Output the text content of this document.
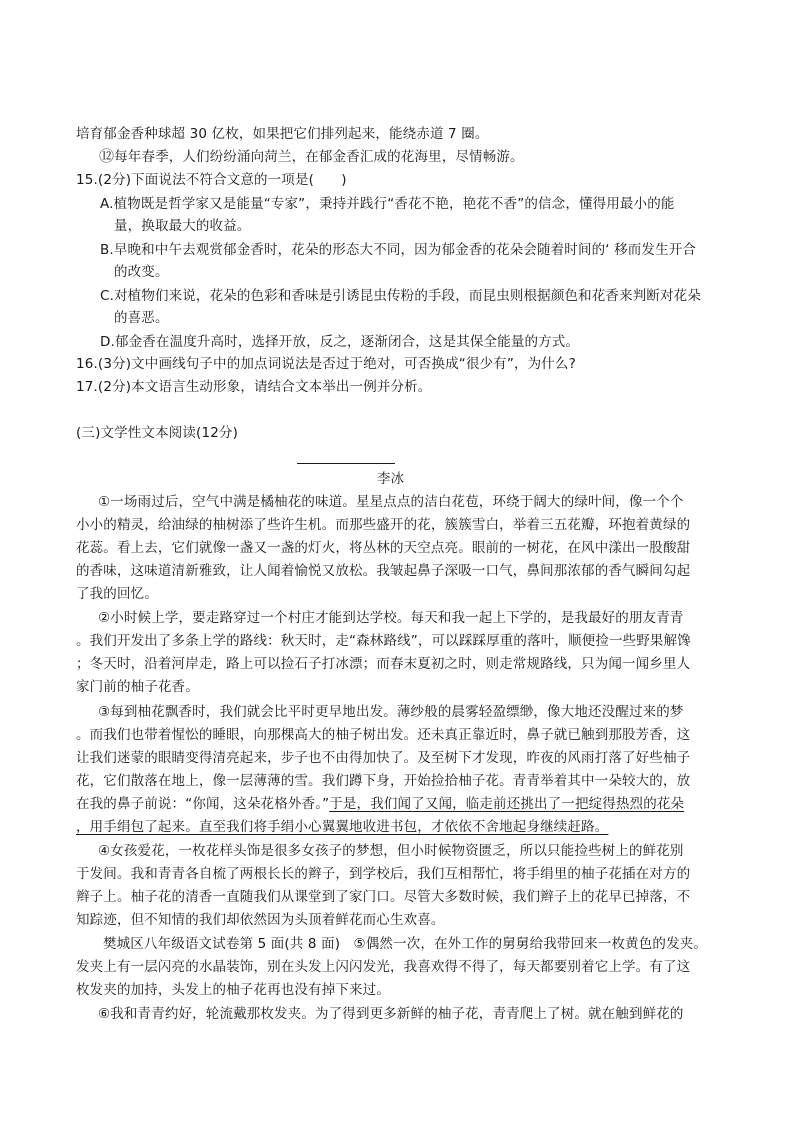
培育郁金香种球超 30 亿枚，如果把它们排列起来，能绕赤道 7 圈。
⑫每年春季，人们纷纷涌向菏兰，在郁金香汇成的花海里，尽情畅游。
15.(2分)下面说法不符合文意的一项是(　　)
A.植物既是哲学家又是能量“专家”，秉持并践行“香花不艳，艳花不香”的信念，懂得用最小的能
量，换取最大的收益。
B.早晚和中午去观赏郁金香时，花朵的形态大不同，因为郁金香的花朵会随着时间的‘ 移而发生开合
的改变。
C.对植物们来说，花朵的色彩和香味是引诱昆虫传粉的手段，而昆虫则根据颜色和花香来判断对花朵
的喜恶。
D.郁金香在温度升高时，选择开放，反之，逐渐闭合，这是其保全能量的方式。
16.(3分)文中画线句子中的加点词说法是否过于绝对，可否换成“很少有”，为什么?
17.(2分)本文语言生动形象，请结合文本举出一例并分析。
(三)文学性文本阅读(12分)
李冰
①一场雨过后，空气中满是橘柚花的味道。星星点点的洁白花苞，环绕于阔大的绿叶间，像一个个
小小的精灵，给油绿的柚树添了些许生机。而那些盛开的花，簇簇雪白，举着三五花瓣，环抱着黄绿的
花蕊。看上去，它们就像一盏又一盏的灯火，将丛林的天空点亮。眼前的一树花，在风中漾出一股酸甜
的香味，这味道清新雅致，让人闻着愉悦又放松。我皱起鼻子深吸一口气，鼻间那浓郁的香气瞬间勾起
了我的回忆。
②小时候上学，要走路穿过一个村庄才能到达学校。每天和我一起上下学的，是我最好的朋友青青
。我们开发出了多条上学的路线：秋天时，走“森林路线”，可以踩踩厚重的落叶，顺便捡一些野果解馋
；冬天时，沿着河岸走，路上可以捡石子打冰漂；而春末夏初之时，则走常规路线，只为闻一闻乡里人
家门前的柚子花香。
③每到柚花飘香时，我们就会比平时更早地出发。薄纱般的晨雾轻盈缥缈，像大地还没醒过来的梦
。而我们也带着惺忪的睡眼，向那棵高大的柚子树出发。还未真正靠近时，鼻子就已触到那股芳香，这
让我们迷蒙的眼睛变得清亮起来，步子也不由得加快了。及至树下才发现，昨夜的风雨打落了好些柚子
花，它们散落在地上，像一层薄薄的雪。我们蹲下身，开始捡拾柚子花。青青举着其中一朵较大的，放
在我的鼻子前说：“你闻，这朵花格外香。”于是，我们闻了又闻，临走前还挑出了一把绽得热烈的花朵
，用手绢包了起来。直至我们将手绢小心翼翼地收进书包，才依依不舍地起身继续赶路。
④女孩爱花，一枚花样头饰是很多女孩子的梦想，但小时候物资匮乏，所以只能捡些树上的鲜花别
于发间。我和青青各自梳了两根长长的辫子，到学校后，我们互相帮忙，将手绢里的柚子花插在对方的
辫子上。柚子花的清香一直随我们从课堂到了家门口。尽管大多数时候，我们辫子上的花早已掉落，不
知踪迹，但不知情的我们却依然因为头顶着鲜花而心生欢喜。
樊城区八年级语文试卷第 5 面(共 8 面) ⑤偶然一次，在外工作的舅舅给我带回来一枚黄色的发夹。
发夹上有一层闪亮的水晶装饰，别在头发上闪闪发光，我喜欢得不得了，每天都要别着它上学。有了这
枚发夹的加持，头发上的柚子花再也没有掉下来过。
⑥我和青青约好，轮流戴那枚发夹。为了得到更多新鲜的柚子花，青青爬上了树。就在触到鲜花的
